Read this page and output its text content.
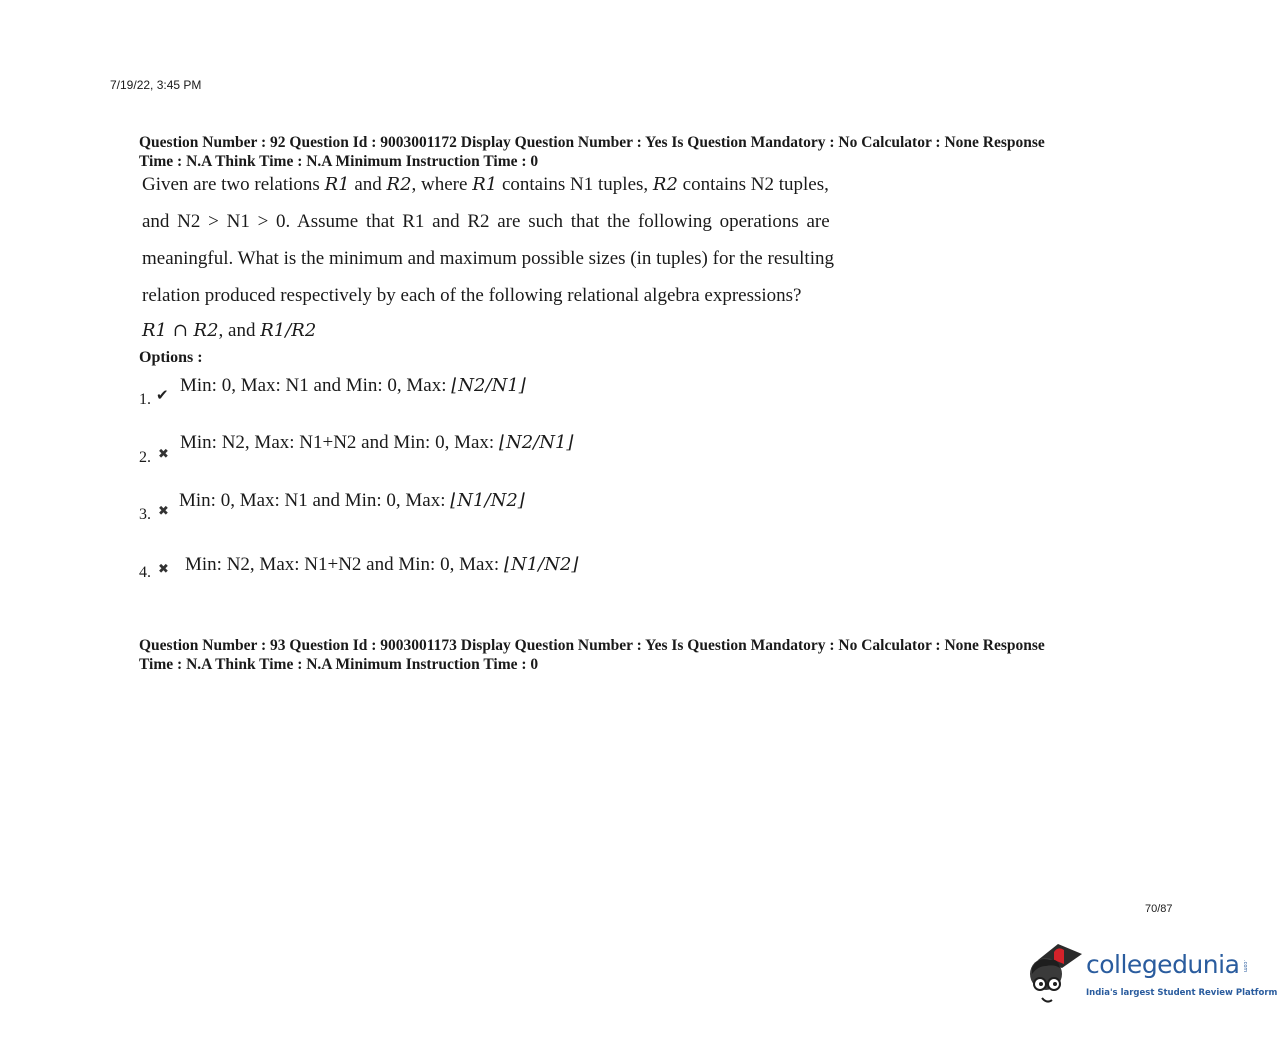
7/19/22, 3:45 PM
Question Number : 92 Question Id : 9003001172 Display Question Number : Yes Is Question Mandatory : No Calculator : None Response
Time : N.A Think Time : N.A Minimum Instruction Time : 0
Given are two relations R1 and R2, where R1 contains N1 tuples, R2 contains N2 tuples,
and N2 > N1 > 0. Assume that R1 and R2 are such that the following operations are
meaningful. What is the minimum and maximum possible sizes (in tuples) for the resulting
relation produced respectively by each of the following relational algebra expressions?
R1 ∩ R2, and R1/R2
Options :
1. ✔ Min: 0, Max: N1 and Min: 0, Max: ⌊N2/N1⌋
2. ✖
Min: N2, Max: N1+N2 and Min: 0, Max: ⌊N2/N1⌋
3. ✖ Min: 0, Max: N1 and Min: 0, Max: ⌊N1/N2⌋
4. ✖ Min: N2, Max: N1+N2 and Min: 0, Max: ⌊N1/N2⌋
Question Number : 93 Question Id : 9003001173 Display Question Number : Yes Is Question Mandatory : No Calculator : None Response
Time : N.A Think Time : N.A Minimum Instruction Time : 0
70/87
collegedunia .com
India's largest Student Review Platform
